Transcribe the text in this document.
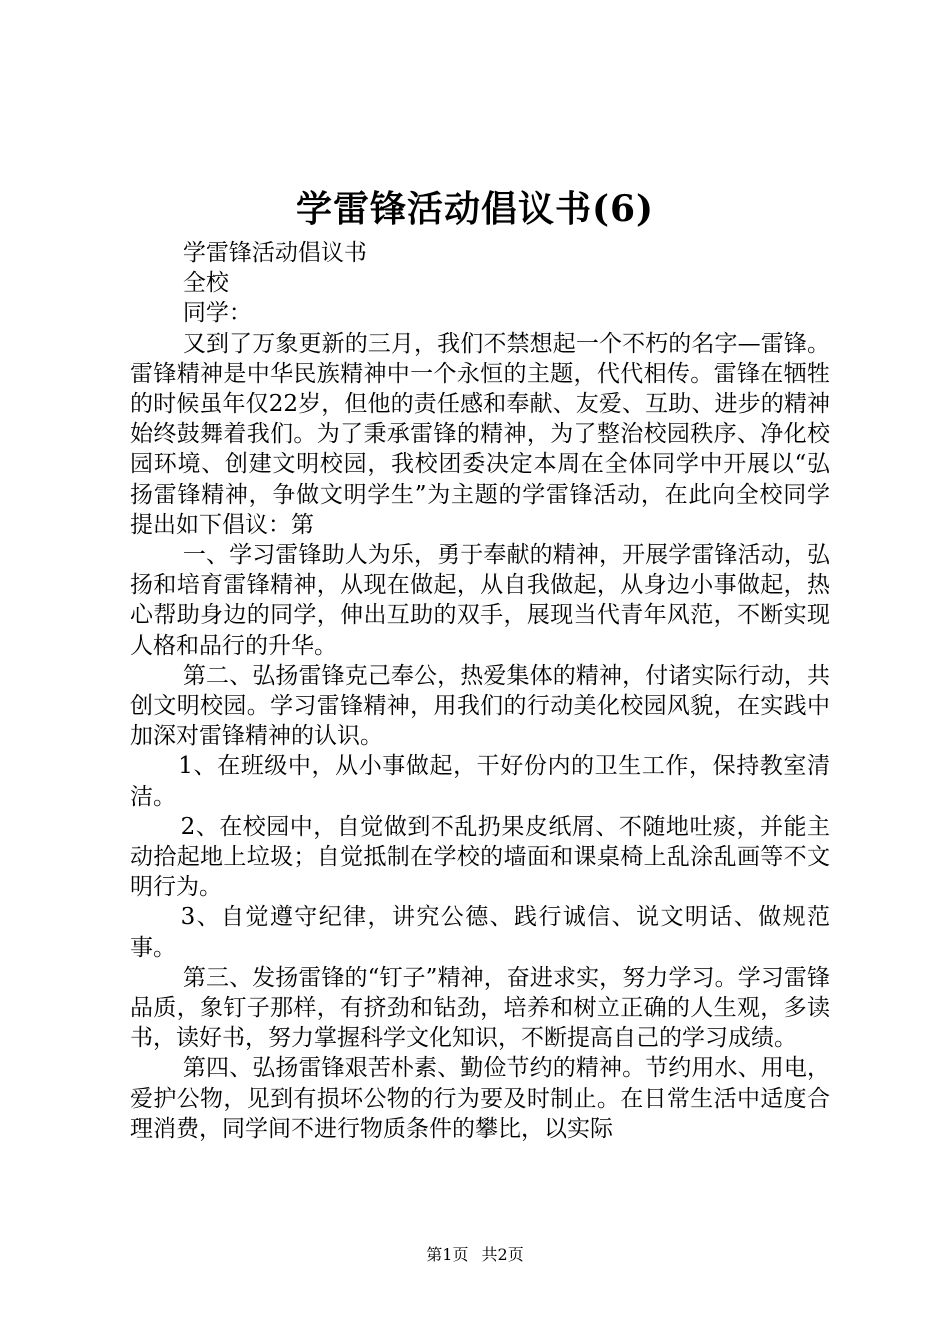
学雷锋活动倡议书(6)

学雷锋活动倡议书

全校

同学：

又到了万象更新的三月，我们不禁想起一个不朽的名字—雷锋。雷锋精神是中华民族精神中一个永恒的主题，代代相传。雷锋在牺牲的时候虽年仅22岁，但他的责任感和奉献、友爱、互助、进步的精神始终鼓舞着我们。为了秉承雷锋的精神，为了整治校园秩序、净化校园环境、创建文明校园，我校团委决定本周在全体同学中开展以“弘扬雷锋精神，争做文明学生”为主题的学雷锋活动，在此向全校同学提出如下倡议：第

一、学习雷锋助人为乐，勇于奉献的精神，开展学雷锋活动，弘扬和培育雷锋精神，从现在做起，从自我做起，从身边小事做起，热心帮助身边的同学，伸出互助的双手，展现当代青年风范，不断实现人格和品行的升华。

第二、弘扬雷锋克己奉公，热爱集体的精神，付诸实际行动，共创文明校园。学习雷锋精神，用我们的行动美化校园风貌，在实践中加深对雷锋精神的认识。

1、在班级中，从小事做起，干好份内的卫生工作，保持教室清洁。

2、在校园中，自觉做到不乱扔果皮纸屑、不随地吐痰，并能主动拾起地上垃圾；自觉抵制在学校的墙面和课桌椅上乱涂乱画等不文明行为。

3、自觉遵守纪律，讲究公德、践行诚信、说文明话、做规范事。

第三、发扬雷锋的“钉子”精神，奋进求实，努力学习。学习雷锋品质，象钉子那样，有挤劲和钻劲，培养和树立正确的人生观，多读书，读好书，努力掌握科学文化知识，不断提高自己的学习成绩。

第四、弘扬雷锋艰苦朴素、勤俭节约的精神。节约用水、用电，爱护公物，见到有损坏公物的行为要及时制止。在日常生活中适度合理消费，同学间不进行物质条件的攀比，以实际

第1页 共2页
